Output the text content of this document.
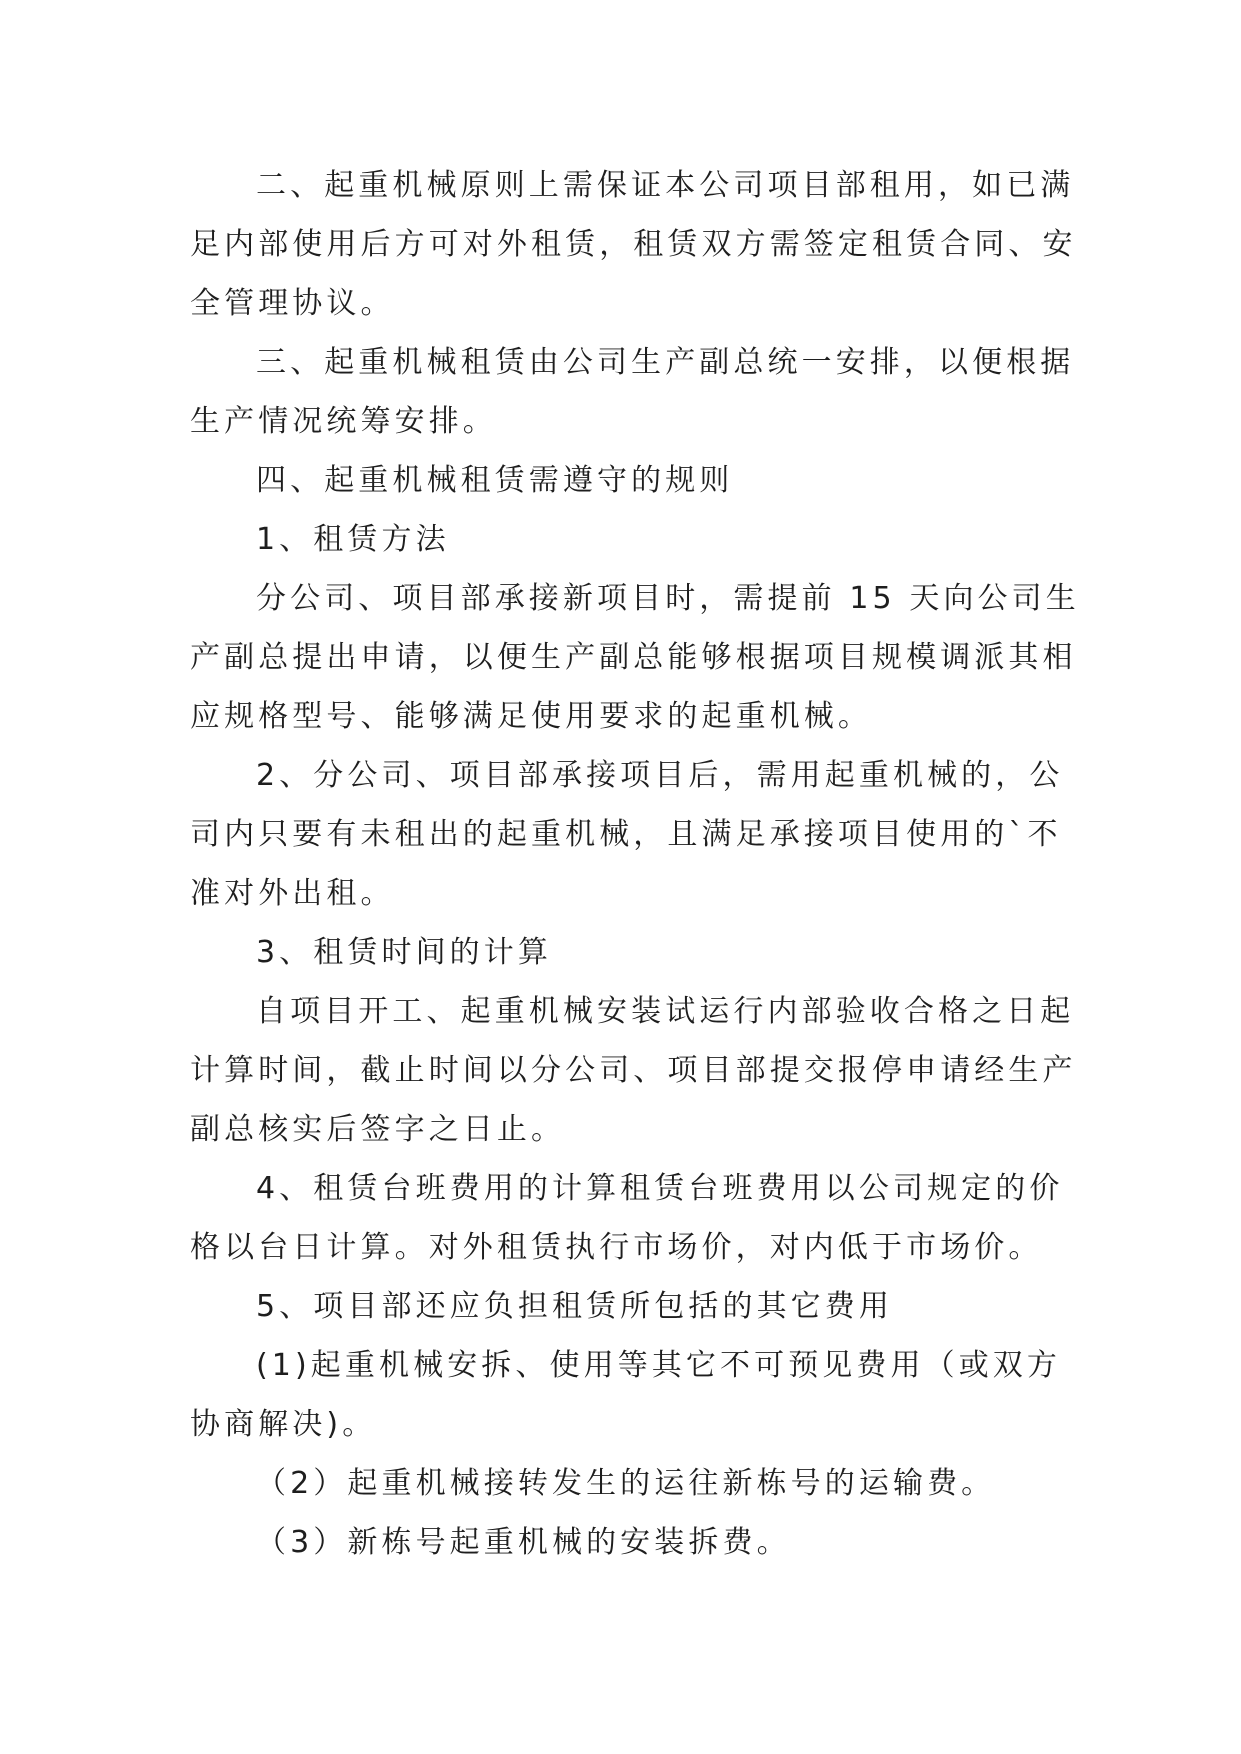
二、起重机械原则上需保证本公司项目部租用，如已满
足内部使用后方可对外租赁，租赁双方需签定租赁合同、安
全管理协议。
三、起重机械租赁由公司生产副总统一安排，以便根据
生产情况统筹安排。
四、起重机械租赁需遵守的规则
1、租赁方法
分公司、项目部承接新项目时，需提前 15 天向公司生
产副总提出申请，以便生产副总能够根据项目规模调派其相
应规格型号、能够满足使用要求的起重机械。
2、分公司、项目部承接项目后，需用起重机械的，公
司内只要有未租出的起重机械，且满足承接项目使用的`不
准对外出租。
3、租赁时间的计算
自项目开工、起重机械安装试运行内部验收合格之日起
计算时间，截止时间以分公司、项目部提交报停申请经生产
副总核实后签字之日止。
4、租赁台班费用的计算租赁台班费用以公司规定的价
格以台日计算。对外租赁执行市场价，对内低于市场价。
5、项目部还应负担租赁所包括的其它费用
(1)起重机械安拆、使用等其它不可预见费用（或双方
协商解决)。
（2）起重机械接转发生的运往新栋号的运输费。
（3）新栋号起重机械的安装拆费。
